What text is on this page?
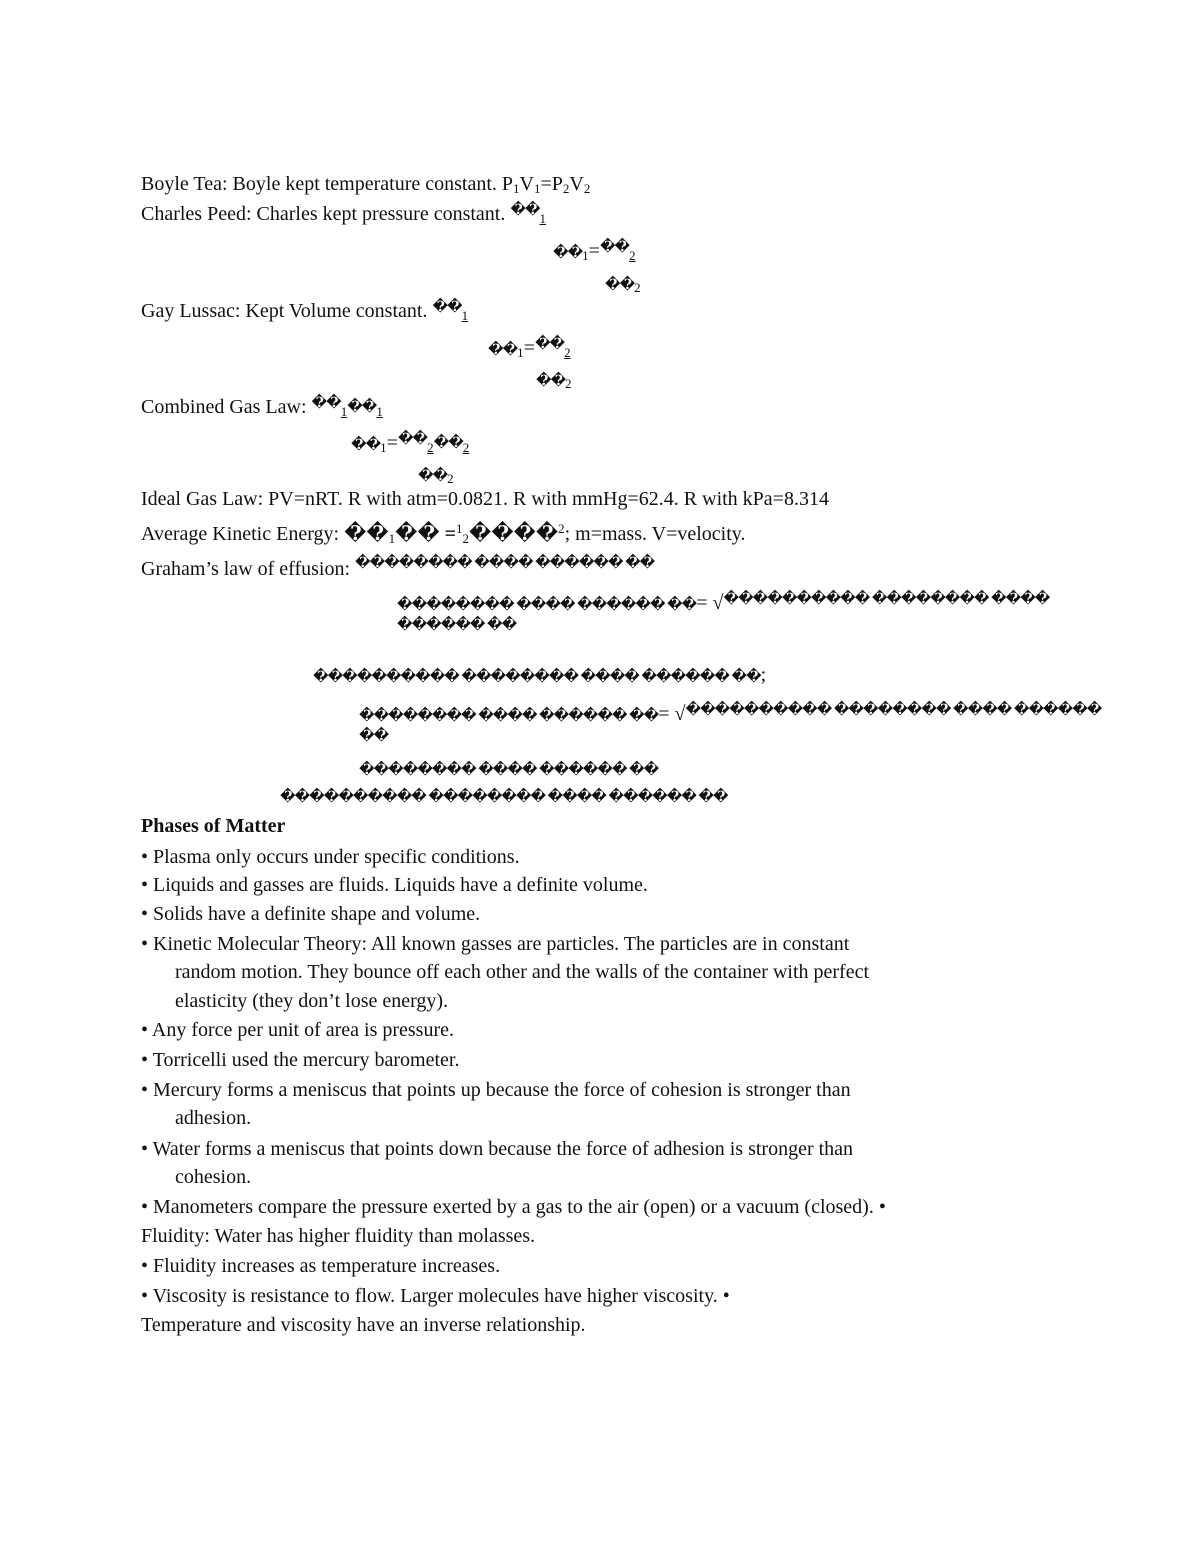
Boyle Tea: Boyle kept temperature constant. $P_1V_1=P_2V_2$
Charles Peed: Charles kept pressure constant. ��$_1$
$��_1=^{��}_2$
$��_2$
Gay Lussac: Kept Volume constant. ��$_1$
$��_1=^{��}_2$
$��_2$
Combined Gas Law: $^{��}_1��_1$
$��_1=^{��}_2��_2$
$��_2$
Ideal Gas Law: PV=nRT. R with atm=0.0821. R with mmHg=62.4. R with kPa=8.314
Average Kinetic Energy: $��_1��$ =$^1_2$����$^2$; m=mass. V=velocity.
Graham’s law of effusion: �������� ���� ������ ��
�������� ���� ������ ��= √���������� �������� ����
������ ��
���������� �������� ���� ������ ��;
�������� ���� ������ ��= √���������� �������� ���� ������
��
�������� ���� ������ ��
���������� �������� ���� ������ ��
Phases of Matter
• Plasma only occurs under specific conditions.
• Liquids and gasses are fluids. Liquids have a definite volume.
• Solids have a definite shape and volume.
• Kinetic Molecular Theory: All known gasses are particles. The particles are in constant
random motion. They bounce off each other and the walls of the container with perfect
elasticity (they don’t lose energy).
• Any force per unit of area is pressure.
• Torricelli used the mercury barometer.
• Mercury forms a meniscus that points up because the force of cohesion is stronger than
adhesion.
• Water forms a meniscus that points down because the force of adhesion is stronger than
cohesion.
• Manometers compare the pressure exerted by a gas to the air (open) or a vacuum (closed). •
Fluidity: Water has higher fluidity than molasses.
• Fluidity increases as temperature increases.
• Viscosity is resistance to flow. Larger molecules have higher viscosity. •
Temperature and viscosity have an inverse relationship.
